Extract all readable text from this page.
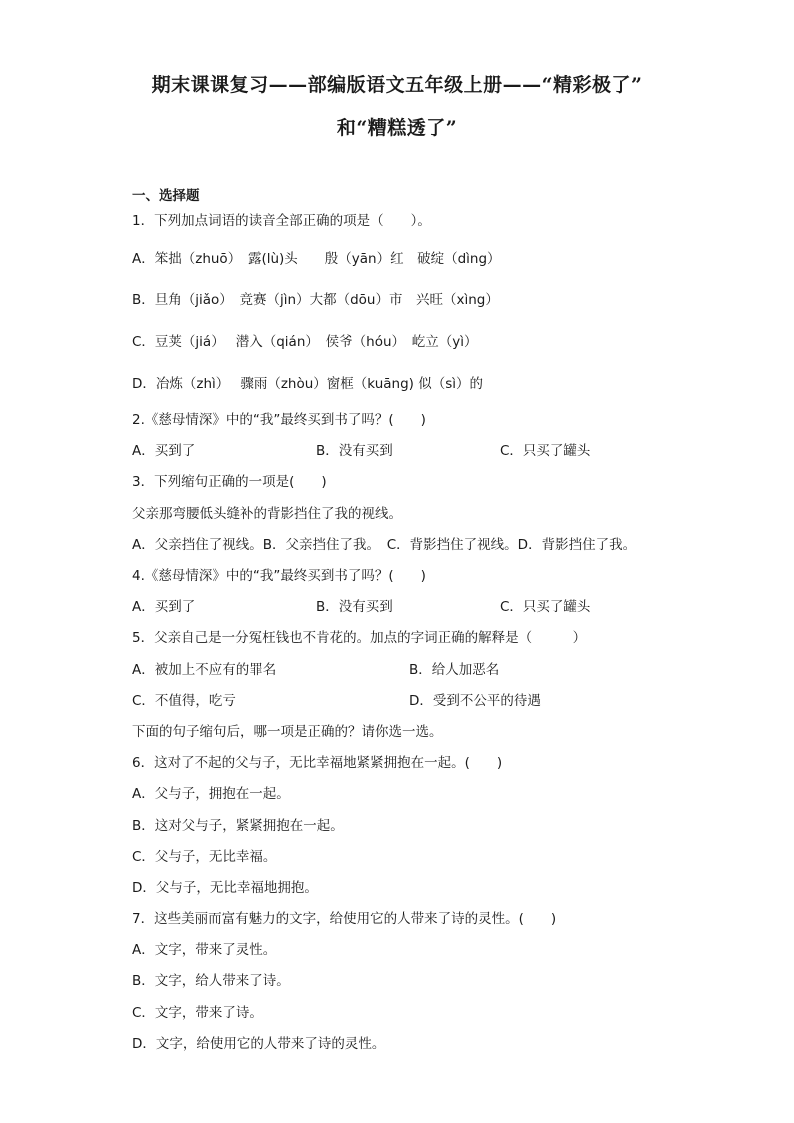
期末课课复习——部编版语文五年级上册——“精彩极了”
和“糟糕透了”
一、选择题
1．下列加点词语的读音全部正确的项是（　　）。
A．笨拙（zhuō）　露(lù)头　　殷（yān）红　破绽（dìng）
B．旦角（jiǎo）　竞赛（jìn）大都（dōu）市　兴旺（xìng）
C．豆荚（jiá）　 潜入（qián）　侯爷（hóu）　屹立（yì）
D．冶炼（zhì）　 骤雨（zhòu）窗框（kuāng) 似（sì）的
2.《慈母情深》中的“我”最终买到书了吗？(　　)
A．买到了	B．没有买到	C．只买了罐头
3．下列缩句正确的一项是(　　)
父亲那弯腰低头缝补的背影挡住了我的视线。
A．父亲挡住了视线。B．父亲挡住了我。　C．背影挡住了视线。D．背影挡住了我。
4.《慈母情深》中的“我”最终买到书了吗？(　　)
A．买到了	B．没有买到	C．只买了罐头
5．父亲自己是一分冤枉钱也不肯花的。加点的字词正确的解释是（　　　）
A．被加上不应有的罪名	B．给人加恶名
C．不值得，吃亏	D．受到不公平的待遇
下面的句子缩句后，哪一项是正确的？请你选一选。
6．这对了不起的父与子，无比幸福地紧紧拥抱在一起。(　　)
A．父与子，拥抱在一起。
B．这对父与子，紧紧拥抱在一起。
C．父与子，无比幸福。
D．父与子，无比幸福地拥抱。
7．这些美丽而富有魅力的文字，给使用它的人带来了诗的灵性。(　　)
A．文字，带来了灵性。
B．文字，给人带来了诗。
C．文字，带来了诗。
D．文字，给使用它的人带来了诗的灵性。
